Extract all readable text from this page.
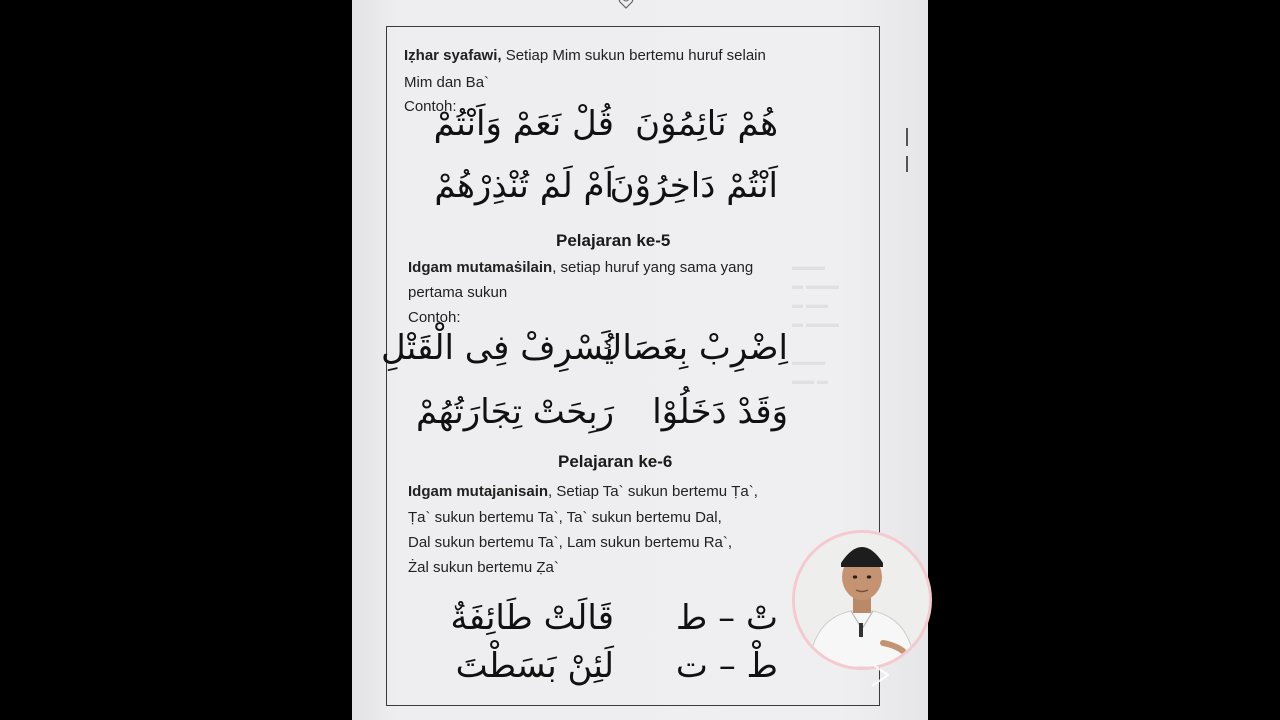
▬▬▬
▬ ▬▬▬
▬ ▬▬
▬ ▬▬▬

▬▬▬
▬▬ ▬
Iẓhar syafawi, Setiap Mim sukun bertemu huruf selain
Mim dan Ba`
Contoh:	هُمْ نَائِمُوْنَ
قُلْ نَعَمْ وَاَنْتُمْ
اَنْتُمْ دَاخِرُوْنَ
اَمْ لَمْ تُنْذِرْهُمْ
Pelajaran ke-5
Idgam mutamaṡilain, setiap huruf yang sama yang
pertama sukun
Contoh:
اِضْرِبْ بِعَصَاكَ
يُسْرِفْ فِى الْقَتْلِ
وَقَدْ دَخَلُوْا
رَبِحَتْ تِجَارَتُهُمْ
Pelajaran ke-6
Idgam mutajanisain, Setiap Ta` sukun bertemu Ṭa`,
Ṭa` sukun bertemu Ta`, Ta` sukun bertemu Dal,
Dal sukun bertemu Ta`, Lam sukun bertemu Ra`,
Żal sukun bertemu Ẓa`
تْ – ط
قَالَتْ طَائِفَةٌ
طْ – ت
لَئِنْ بَسَطْتَ
